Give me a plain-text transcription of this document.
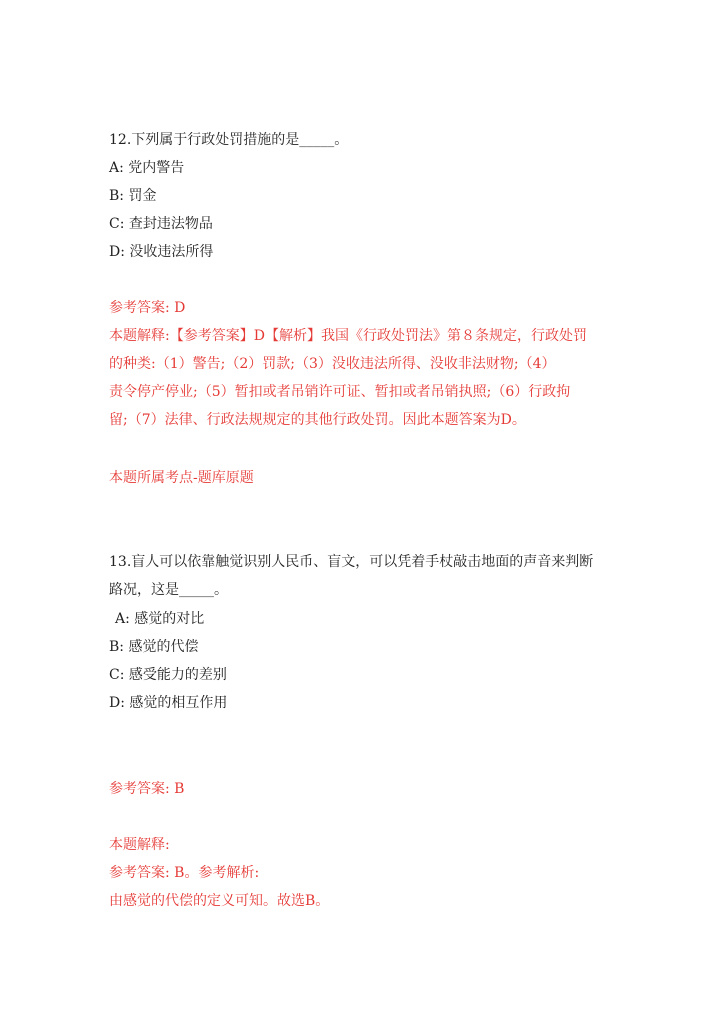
12.下列属于行政处罚措施的是_____。
A: 党内警告
B: 罚金
C: 查封违法物品
D: 没收违法所得
参考答案: D
本题解释:【参考答案】D【解析】我国《行政处罚法》第８条规定，行政处罚
的种类:（1）警告;（2）罚款;（3）没收违法所得、没收非法财物;（4）
责令停产停业;（5）暂扣或者吊销许可证、暂扣或者吊销执照;（6）行政拘
留;（7）法律、行政法规规定的其他行政处罚。因此本题答案为D。
本题所属考点-题库原题
13.盲人可以依靠触觉识别人民币、盲文，可以凭着手杖敲击地面的声音来判断
路况，这是_____。
A: 感觉的对比
B: 感觉的代偿
C: 感受能力的差别
D: 感觉的相互作用
参考答案: B
本题解释:
参考答案: B。参考解析:
由感觉的代偿的定义可知。故选B。
